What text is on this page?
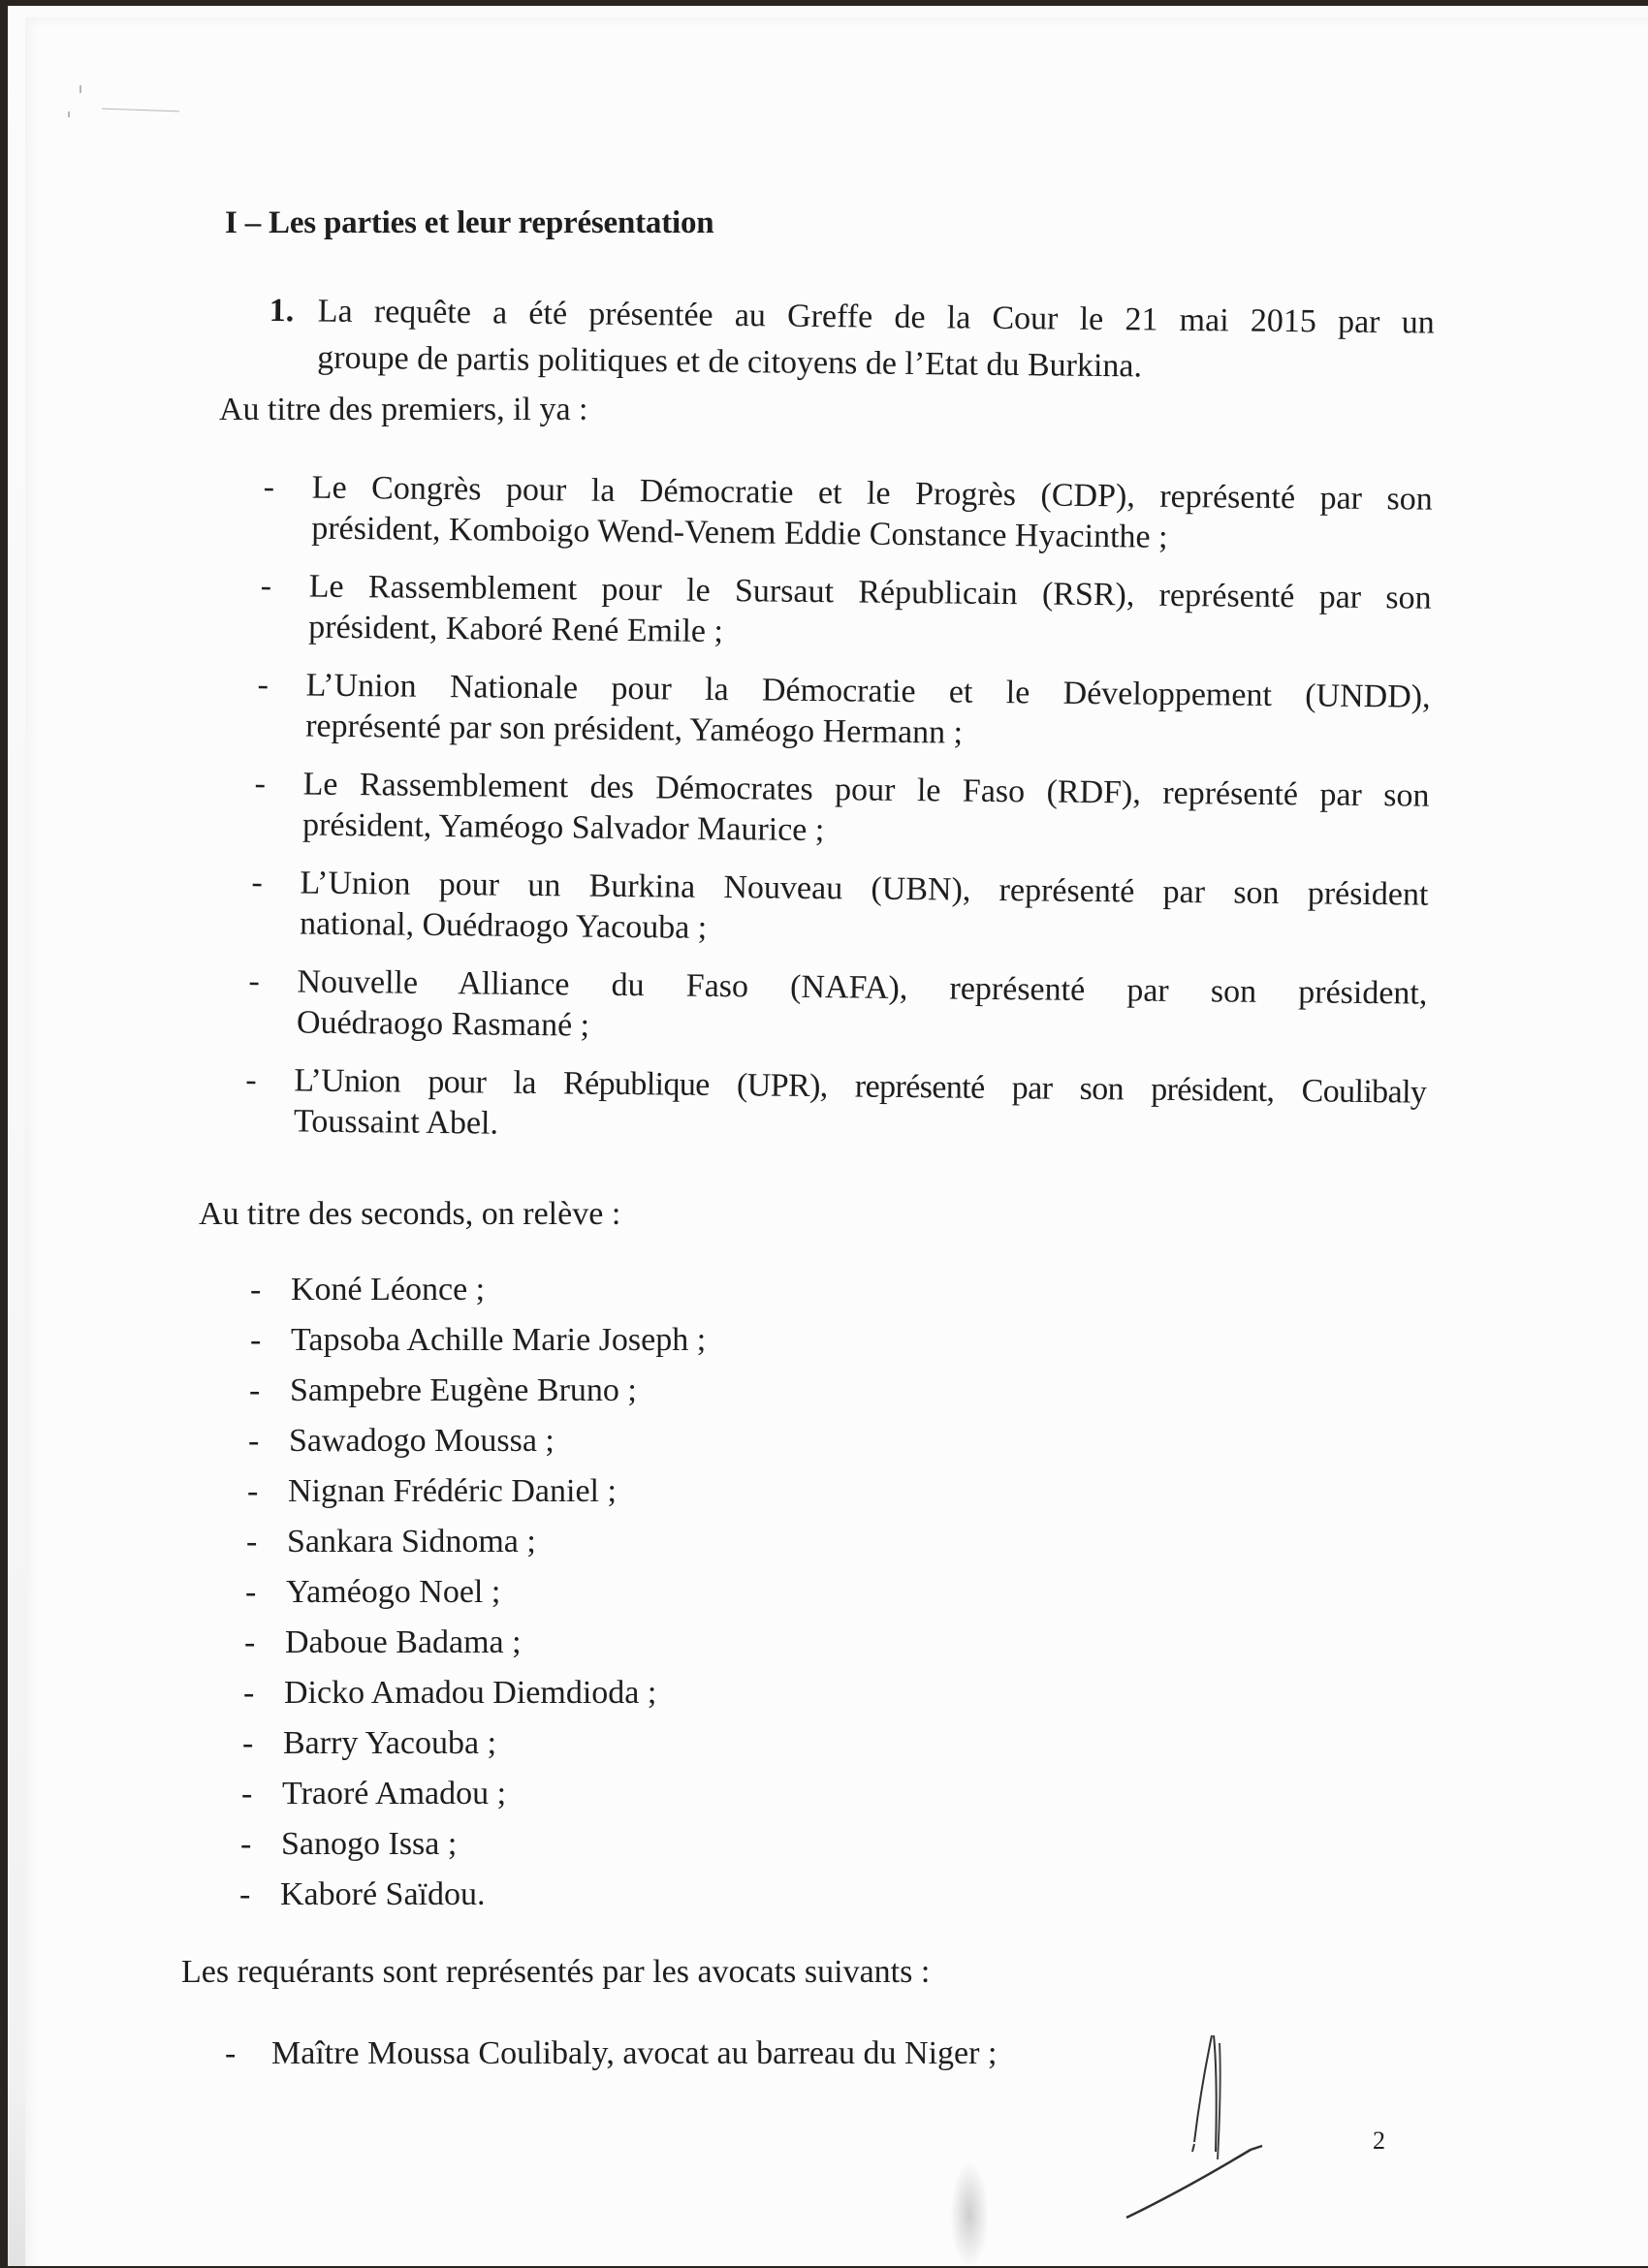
I – Les parties et leur représentation
1. La requête a été présentée au Greffe de la Cour le 21 mai 2015 par un
groupe de partis politiques et de citoyens de l’Etat du Burkina.
Au titre des premiers, il ya :
- Le Congrès pour la Démocratie et le Progrès (CDP), représenté par son
président, Komboigo Wend-Venem Eddie Constance Hyacinthe ;
- Le Rassemblement pour le Sursaut Républicain (RSR), représenté par son
président, Kaboré René Emile ;
- L’Union Nationale pour la Démocratie et le Développement (UNDD),
représenté par son président, Yaméogo Hermann ;
- Le Rassemblement des Démocrates pour le Faso (RDF), représenté par son
président, Yaméogo Salvador Maurice ;
- L’Union pour un Burkina Nouveau (UBN), représenté par son président
national, Ouédraogo Yacouba ;
- Nouvelle Alliance du Faso (NAFA), représenté par son président,
Ouédraogo Rasmané ;
- L’Union pour la République (UPR), représenté par son président, Coulibaly
Toussaint Abel.
Au titre des seconds, on relève :
- Koné Léonce ;
- Tapsoba Achille Marie Joseph ;
- Sampebre Eugène Bruno ;
- Sawadogo Moussa ;
- Nignan Frédéric Daniel ;
- Sankara Sidnoma ;
- Yaméogo Noel ;
- Daboue Badama ;
- Dicko Amadou Diemdioda ;
- Barry Yacouba ;
- Traoré Amadou ;
- Sanogo Issa ;
- Kaboré Saïdou.
Les requérants sont représentés par les avocats suivants :
- Maître Moussa Coulibaly, avocat au barreau du Niger ;
2
